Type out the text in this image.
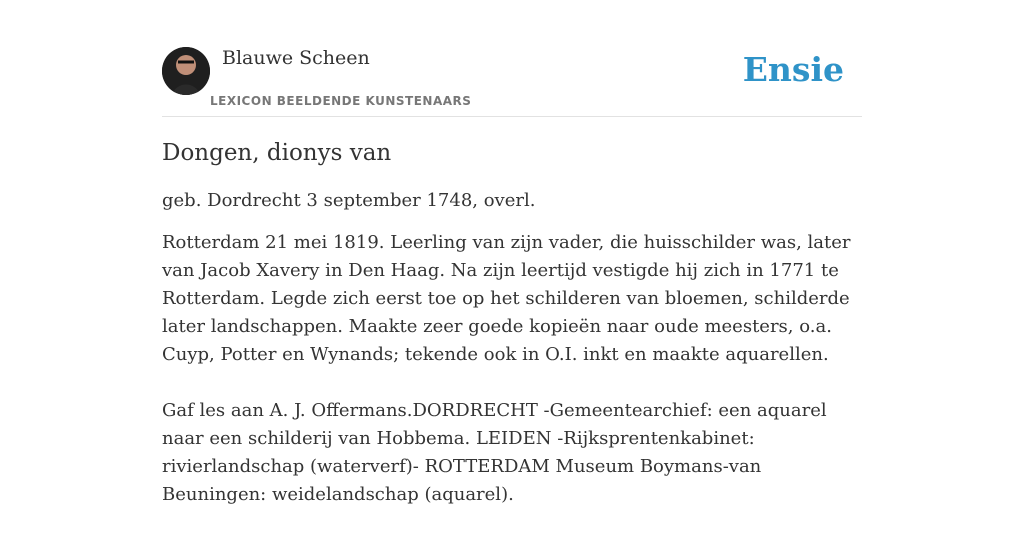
Blauwe Scheen
LEXICON BEELDENDE KUNSTENAARS
Ensie
Dongen, dionys van

geb. Dordrecht 3 september 1748, overl.

Rotterdam 21 mei 1819. Leerling van zijn vader, die huisschilder was, later van Jacob Xavery in Den Haag. Na zijn leertijd vestigde hij zich in 1771 te Rotterdam. Legde zich eerst toe op het schilderen van bloemen, schilderde later landschappen. Maakte zeer goede kopieën naar oude meesters, o.a. Cuyp, Potter en Wynands; tekende ook in O.I. inkt en maakte aquarellen.

Gaf les aan A. J. Offermans.DORDRECHT -Gemeentearchief: een aquarel naar een schilderij van Hobbema. LEIDEN -Rijksprentenkabinet: rivierlandschap (waterverf)- ROTTERDAM Museum Boymans-van Beuningen: weidelandschap (aquarel).
